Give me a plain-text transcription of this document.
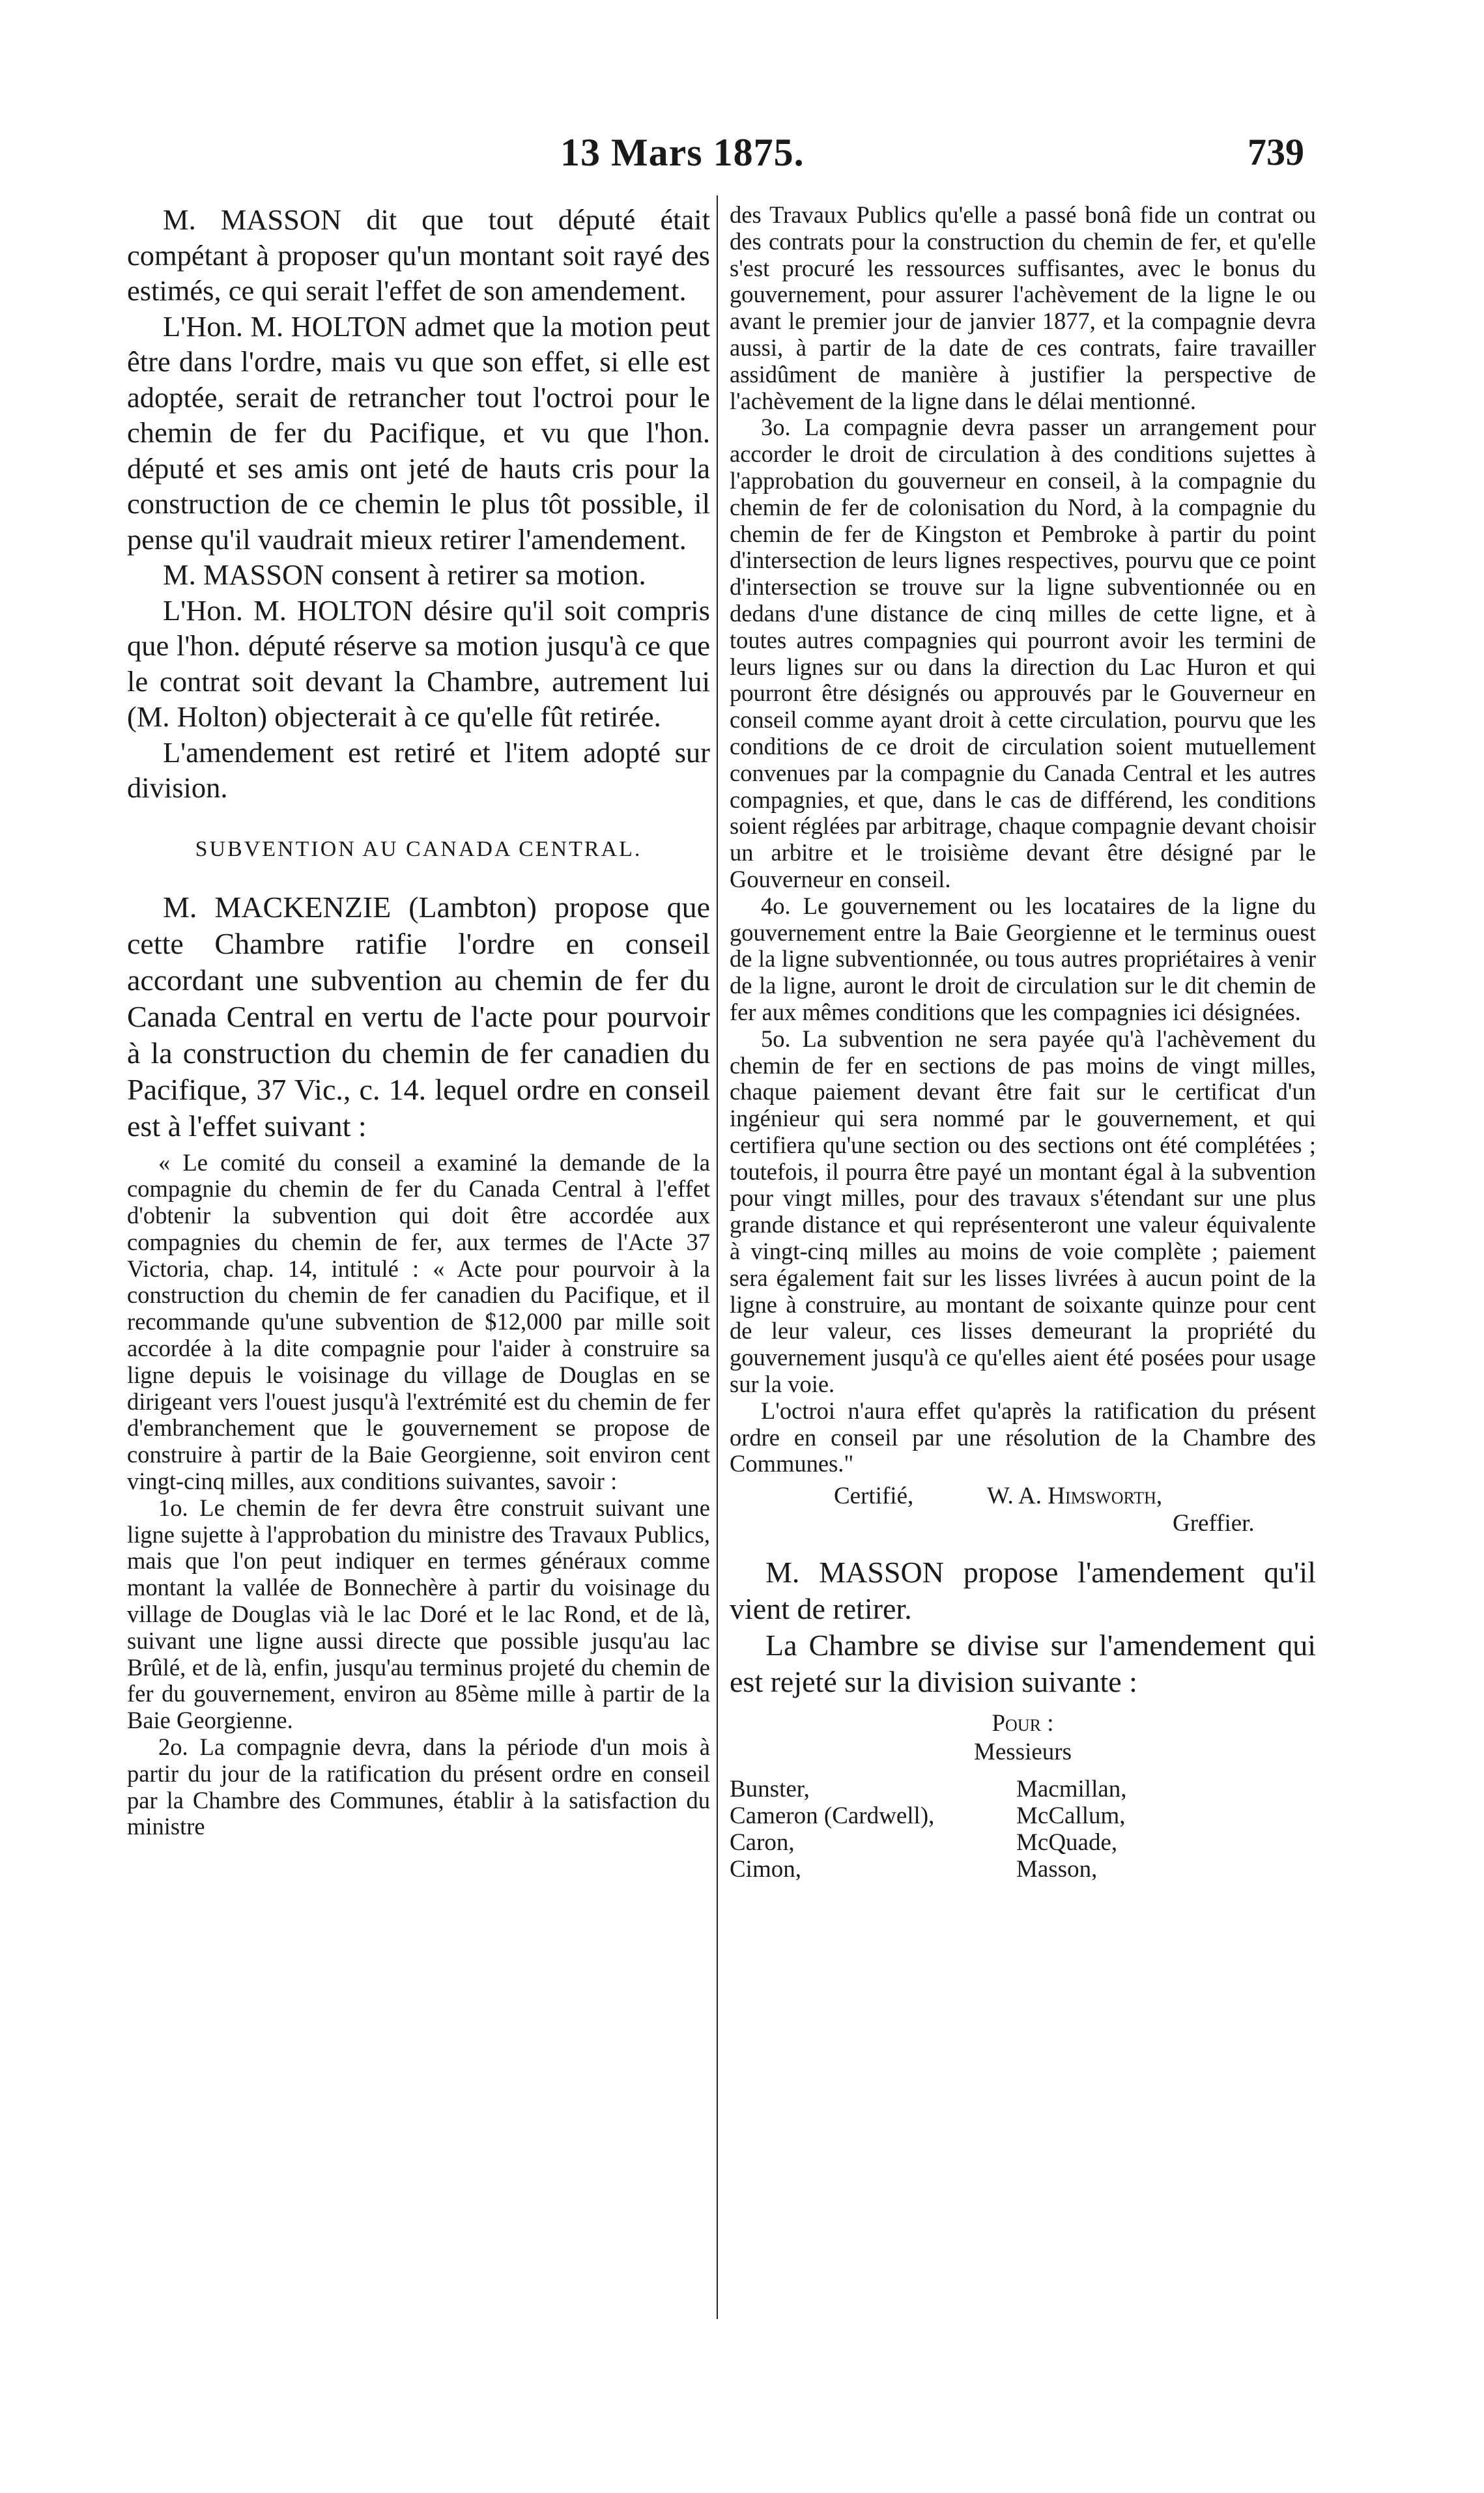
13 Mars 1875.	739

M. MASSON dit que tout député était compétant à proposer qu'un montant soit rayé des estimés, ce qui serait l'effet de son amendement.

L'Hon. M. HOLTON admet que la motion peut être dans l'ordre, mais vu que son effet, si elle est adoptée, serait de retrancher tout l'octroi pour le chemin de fer du Pacifique, et vu que l'hon. député et ses amis ont jeté de hauts cris pour la construction de ce chemin le plus tôt possible, il pense qu'il vaudrait mieux retirer l'amendement.

M. MASSON consent à retirer sa motion.

L'Hon. M. HOLTON désire qu'il soit compris que l'hon. député réserve sa motion jusqu'à ce que le contrat soit devant la Chambre, autrement lui (M. Holton) objecterait à ce qu'elle fût retirée.

L'amendement est retiré et l'item adopté sur division.

SUBVENTION AU CANADA CENTRAL.

M. MACKENZIE (Lambton) propose que cette Chambre ratifie l'ordre en conseil accordant une subvention au chemin de fer du Canada Central en vertu de l'acte pour pourvoir à la construction du chemin de fer canadien du Pacifique, 37 Vic., c. 14. lequel ordre en conseil est à l'effet suivant :

« Le comité du conseil a examiné la demande de la compagnie du chemin de fer du Canada Central à l'effet d'obtenir la subvention qui doit être accordée aux compagnies du chemin de fer, aux termes de l'Acte 37 Victoria, chap. 14, intitulé : « Acte pour pourvoir à la construction du chemin de fer canadien du Pacifique, et il recommande qu'une subvention de $12,000 par mille soit accordée à la dite compagnie pour l'aider à construire sa ligne depuis le voisinage du village de Douglas en se dirigeant vers l'ouest jusqu'à l'extrémité est du chemin de fer d'embranchement que le gouvernement se propose de construire à partir de la Baie Georgienne, soit environ cent vingt-cinq milles, aux conditions suivantes, savoir :

1o. Le chemin de fer devra être construit suivant une ligne sujette à l'approbation du ministre des Travaux Publics, mais que l'on peut indiquer en termes généraux comme montant la vallée de Bonnechère à partir du voisinage du village de Douglas vià le lac Doré et le lac Rond, et de là, suivant une ligne aussi directe que possible jusqu'au lac Brûlé, et de là, enfin, jusqu'au terminus projeté du chemin de fer du gouvernement, environ au 85ème mille à partir de la Baie Georgienne.

2o. La compagnie devra, dans la période d'un mois à partir du jour de la ratification du présent ordre en conseil par la Chambre des Communes, établir à la satisfaction du ministre

des Travaux Publics qu'elle a passé bonâ fide un contrat ou des contrats pour la construction du chemin de fer, et qu'elle s'est procuré les ressources suffisantes, avec le bonus du gouvernement, pour assurer l'achèvement de la ligne le ou avant le premier jour de janvier 1877, et la compagnie devra aussi, à partir de la date de ces contrats, faire travailler assidûment de manière à justifier la perspective de l'achèvement de la ligne dans le délai mentionné.

3o. La compagnie devra passer un arrangement pour accorder le droit de circulation à des conditions sujettes à l'approbation du gouverneur en conseil, à la compagnie du chemin de fer de colonisation du Nord, à la compagnie du chemin de fer de Kingston et Pembroke à partir du point d'intersection de leurs lignes respectives, pourvu que ce point d'intersection se trouve sur la ligne subventionnée ou en dedans d'une distance de cinq milles de cette ligne, et à toutes autres compagnies qui pourront avoir les termini de leurs lignes sur ou dans la direction du Lac Huron et qui pourront être désignés ou approuvés par le Gouverneur en conseil comme ayant droit à cette circulation, pourvu que les conditions de ce droit de circulation soient mutuellement convenues par la compagnie du Canada Central et les autres compagnies, et que, dans le cas de différend, les conditions soient réglées par arbitrage, chaque compagnie devant choisir un arbitre et le troisième devant être désigné par le Gouverneur en conseil.

4o. Le gouvernement ou les locataires de la ligne du gouvernement entre la Baie Georgienne et le terminus ouest de la ligne subventionnée, ou tous autres propriétaires à venir de la ligne, auront le droit de circulation sur le dit chemin de fer aux mêmes conditions que les compagnies ici désignées.

5o. La subvention ne sera payée qu'à l'achèvement du chemin de fer en sections de pas moins de vingt milles, chaque paiement devant être fait sur le certificat d'un ingénieur qui sera nommé par le gouvernement, et qui certifiera qu'une section ou des sections ont été complétées ; toutefois, il pourra être payé un montant égal à la subvention pour vingt milles, pour des travaux s'étendant sur une plus grande distance et qui représenteront une valeur équivalente à vingt-cinq milles au moins de voie complète ; paiement sera également fait sur les lisses livrées à aucun point de la ligne à construire, au montant de soixante quinze pour cent de leur valeur, ces lisses demeurant la propriété du gouvernement jusqu'à ce qu'elles aient été posées pour usage sur la voie.

L'octroi n'aura effet qu'après la ratification du présent ordre en conseil par une résolution de la Chambre des Communes."

Certifié,	W. A. Himsworth,
Greffier.

M. MASSON propose l'amendement qu'il vient de retirer.

La Chambre se divise sur l'amendement qui est rejeté sur la division suivante :

Pour :
Messieurs
Bunster,	Macmillan,
Cameron (Cardwell),	McCallum,
Caron,	McQuade,
Cimon,	Masson,
